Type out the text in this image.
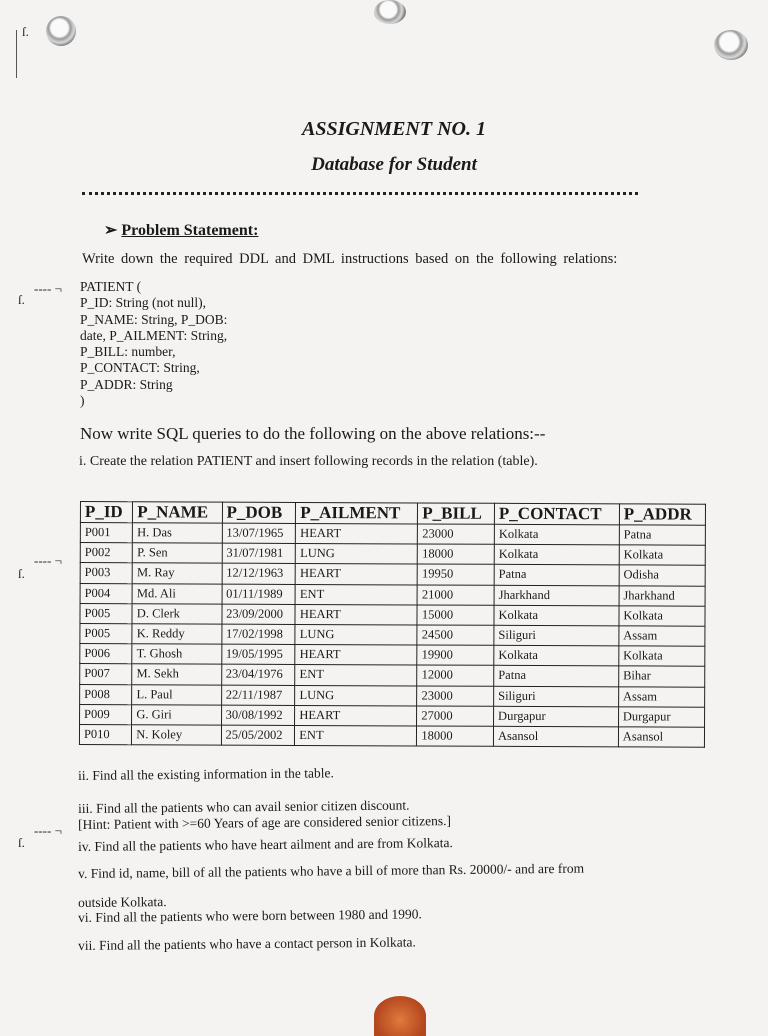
ſ.
ASSIGNMENT NO. 1
Database for Student
➢ Problem Statement:
Write down the required DDL and DML instructions based on the following relations:
‐‑‑‑ ¬
ſ.
PATIENT (
P_ID: String (not null),
P_NAME: String, P_DOB:
date, P_AILMENT: String,
P_BILL: number,
P_CONTACT: String,
P_ADDR: String
)
Now write SQL queries to do the following on the above relations:--
i. Create the relation PATIENT and insert following records in the relation (table).
‐‑‑‑ ¬
ſ.
P_ID	P_NAME	P_DOB	P_AILMENT	P_BILL	P_CONTACT	P_ADDR
P001	H. Das	13/07/1965	HEART	23000	Kolkata	Patna
P002	P. Sen	31/07/1981	LUNG	18000	Kolkata	Kolkata
P003	M. Ray	12/12/1963	HEART	19950	Patna	Odisha
P004	Md. Ali	01/11/1989	ENT	21000	Jharkhand	Jharkhand
P005	D. Clerk	23/09/2000	HEART	15000	Kolkata	Kolkata
P005	K. Reddy	17/02/1998	LUNG	24500	Siliguri	Assam
P006	T. Ghosh	19/05/1995	HEART	19900	Kolkata	Kolkata
P007	M. Sekh	23/04/1976	ENT	12000	Patna	Bihar
P008	L. Paul	22/11/1987	LUNG	23000	Siliguri	Assam
P009	G. Giri	30/08/1992	HEART	27000	Durgapur	Durgapur
P010	N. Koley	25/05/2002	ENT	18000	Asansol	Asansol
‐‑‑‑ ¬
ſ.
ii. Find all the existing information in the table.
iii. Find all the patients who can avail senior citizen discount.
[Hint: Patient with >=60 Years of age are considered senior citizens.]
iv. Find all the patients who have heart ailment and are from Kolkata.
v. Find id, name, bill of all the patients who have a bill of more than Rs. 20000/- and are from
outside Kolkata.
vi. Find all the patients who were born between 1980 and 1990.
vii. Find all the patients who have a contact person in Kolkata.
